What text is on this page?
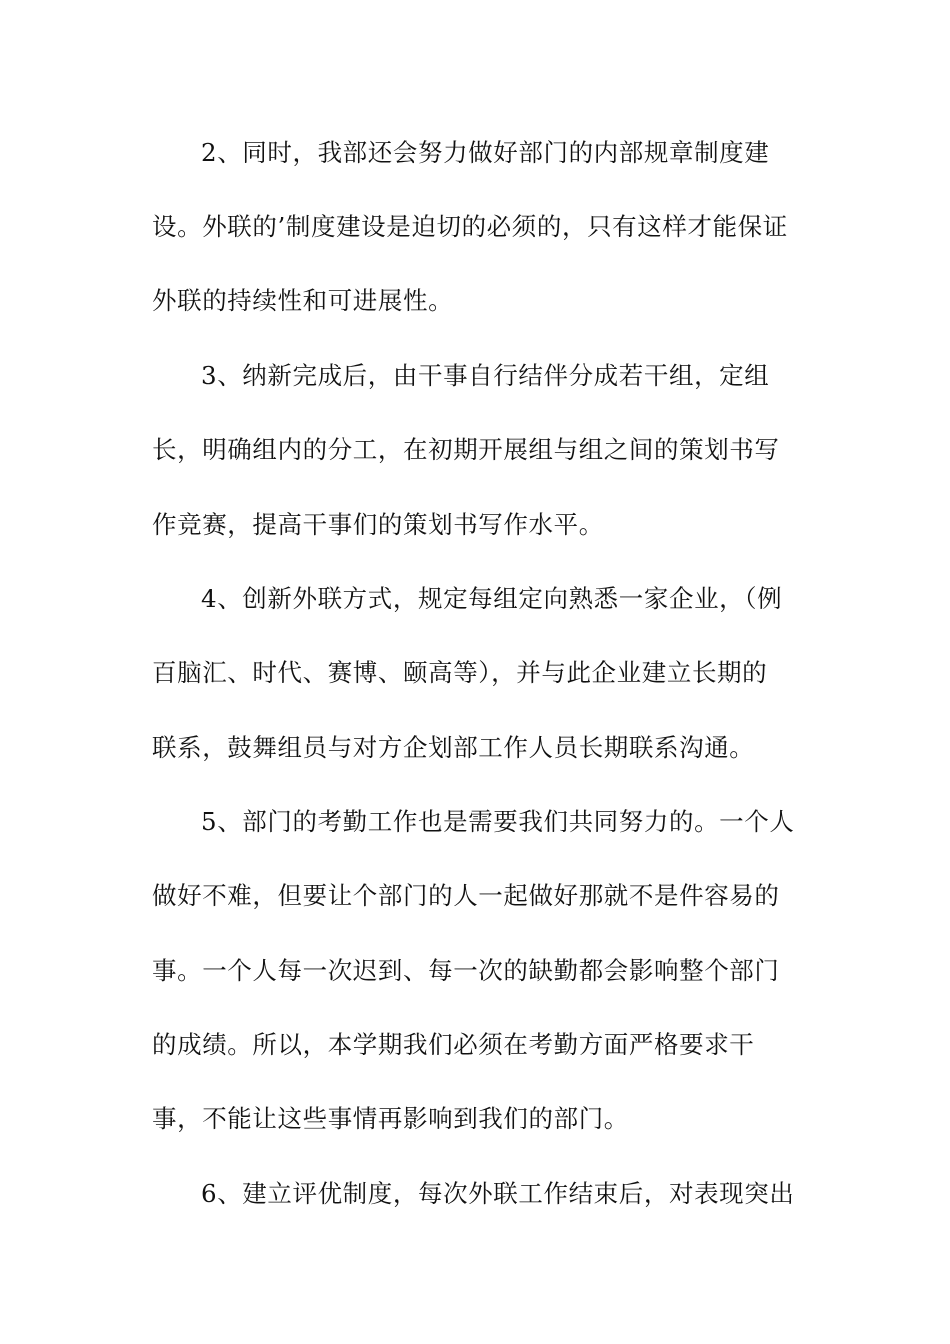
2、同时，我部还会努力做好部门的内部规章制度建
设。外联的’制度建设是迫切的必须的，只有这样才能保证
外联的持续性和可进展性。
3、纳新完成后，由干事自行结伴分成若干组，定组
长，明确组内的分工，在初期开展组与组之间的策划书写
作竞赛，提高干事们的策划书写作水平。
4、创新外联方式，规定每组定向熟悉一家企业，（例
百脑汇、时代、赛博、颐高等），并与此企业建立长期的
联系，鼓舞组员与对方企划部工作人员长期联系沟通。
5、部门的考勤工作也是需要我们共同努力的。一个人
做好不难，但要让个部门的人一起做好那就不是件容易的
事。一个人每一次迟到、每一次的缺勤都会影响整个部门
的成绩。所以，本学期我们必须在考勤方面严格要求干
事，不能让这些事情再影响到我们的部门。
6、建立评优制度，每次外联工作结束后，对表现突出
